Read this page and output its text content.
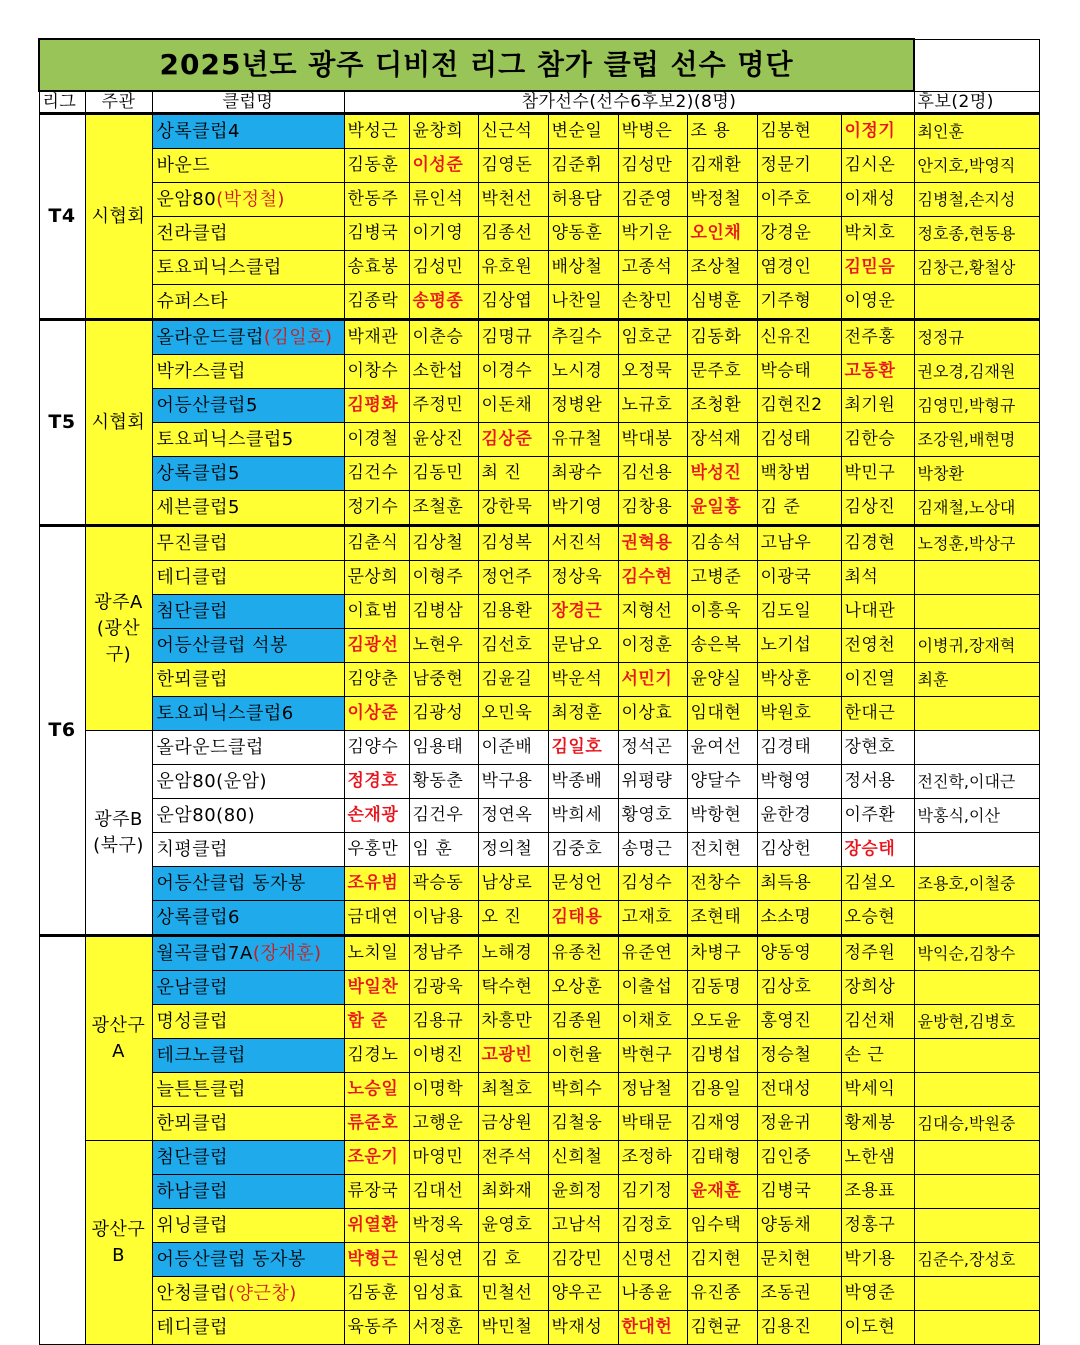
2025년도 광주 디비전 리그 참가 클럽 선수 명단											
리그	주관	클럽명	참가선수(선수6후보2)(8명)								후보(2명)
T4	시협회	상록클럽4	박성근	윤창희	신근석	변순일	박병은	조 용	김봉현	이정기	최인훈
		바운드	김동훈	이성준	김영돈	김준휘	김성만	김재환	정문기	김시온	안지호,박영직
		운암80(박정철)	한동주	류인석	박천선	허용담	김준영	박정철	이주호	이재성	김병철,손지성
		전라클럽	김병국	이기영	김종선	양동훈	박기운	오인채	강경운	박치호	정호종,현동용
		토요피닉스클럽	송효봉	김성민	유호원	배상철	고종석	조상철	염경인	김믿음	김창근,황철상
		슈퍼스타	김종락	송평종	김상엽	나찬일	손창민	심병훈	기주형	이영운	
T5	시협회	올라운드클럽(김일호)	박재관	이춘승	김명규	추길수	임호군	김동화	신유진	전주홍	정정규
		박카스클럽	이창수	소한섭	이경수	노시경	오정묵	문주호	박승태	고동환	권오경,김재원
		어등산클럽5	김평화	주정민	이돈채	정병완	노규호	조청환	김현진2	최기원	김영민,박형규
		토요피닉스클럽5	이경철	윤상진	김상준	유규철	박대봉	장석재	김성태	김한승	조강원,배현명
		상록클럽5	김건수	김동민	최 진	최광수	김선용	박성진	백창범	박민구	박창환
		세븐클럽5	정기수	조철훈	강한묵	박기영	김창용	윤일홍	김 준	김상진	김재철,노상대
T6	광주A(광산구)	무진클럽	김춘식	김상철	김성복	서진석	권혁용	김송석	고남우	김경현	노정훈,박상구
		테디클럽	문상희	이형주	정언주	정상욱	김수현	고병준	이광국	최석	
		첨단클럽	이효범	김병삼	김용환	장경근	지형선	이흥욱	김도일	나대관	
		어등산클럽 석봉	김광선	노현우	김선호	문남오	이정훈	송은복	노기섭	전영천	이병귀,장재혁
		한뫼클럽	김양춘	남중현	김윤길	박운석	서민기	윤양실	박상훈	이진열	최훈
		토요피닉스클럽6	이상준	김광성	오민욱	최정훈	이상효	임대현	박원호	한대근	
	광주B(북구)	올라운드클럽	김양수	임용태	이준배	김일호	정석곤	윤여선	김경태	장현호	
		운암80(운암)	정경호	황동춘	박구용	박종배	위평량	양달수	박형영	정서용	전진학,이대근
		운암80(80)	손재광	김건우	정연옥	박희세	황영호	박항현	윤한경	이주환	박홍식,이산
		치평클럽	우홍만	임 훈	정의철	김중호	송명근	전치현	김상헌	장승태	
		어등산클럽 동자봉	조유범	곽승동	남상로	문성언	김성수	전창수	최득용	김설오	조용호,이철중
		상록클럽6	금대연	이남용	오 진	김태용	고재호	조현태	소소명	오승현	
	광산구A	월곡클럽7A(장재훈)	노치일	정남주	노해경	유종천	유준연	차병구	양동영	정주원	박익순,김창수
		운남클럽	박일찬	김광욱	탁수현	오상훈	이출섭	김동명	김상호	장희상	
		명성클럽	함 준	김용규	차흥만	김종원	이채호	오도윤	홍영진	김선채	윤방현,김병호
		테크노클럽	김경노	이병진	고광빈	이헌율	박현구	김병섭	정승철	손 근	
		늘튼튼클럽	노승일	이명학	최철호	박희수	정남철	김용일	전대성	박세익	
		한뫼클럽	류준호	고행운	금상원	김철웅	박태문	김재영	정윤귀	황제봉	김대승,박원중
	광산구B	첨단클럽	조운기	마영민	전주석	신희철	조정하	김태형	김인중	노한샘	
		하남클럽	류장국	김대선	최화재	윤희정	김기정	윤재훈	김병국	조용표	
		위닝클럽	위열환	박정옥	윤영호	고남석	김정호	임수택	양동채	정홍구	
		어등산클럽 동자봉	박형근	원성연	김 호	김강민	신명선	김지현	문치현	박기용	김준수,장성호
		안청클럽(양근창)	김동훈	임성효	민철선	양우곤	나종윤	유진종	조동권	박영준	
		테디클럽	육동주	서정훈	박민철	박재성	한대헌	김현균	김용진	이도현	
